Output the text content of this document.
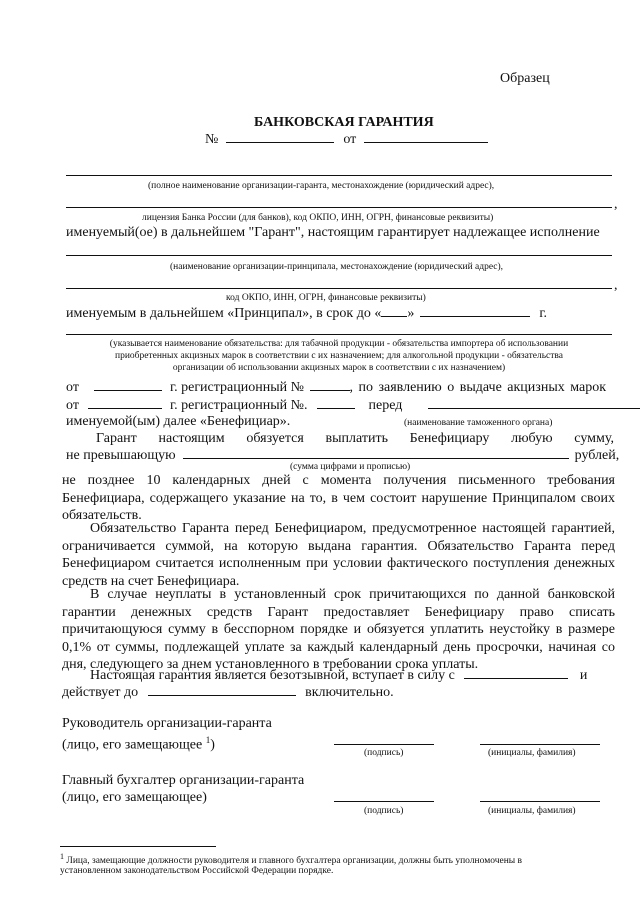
Образец
БАНКОВСКАЯ ГАРАНТИЯ
№	от
(полное наименование организации-гаранта, местонахождение (юридический адрес),
,
лицензия Банка России (для банков), код ОКПО, ИНН, ОГРН, финансовые реквизиты)
именуемый(ое) в дальнейшем "Гарант", настоящим гарантирует надлежащее исполнение
(наименование организации-принципала, местонахождение (юридический адрес),
,
код ОКПО, ИНН, ОГРН, финансовые реквизиты)
именуемым в дальнейшем «Принципал», в срок до « »	г.
(указывается наименование обязательства: для табачной продукции - обязательства импортера об использовании
приобретенных акцизных марок в соответствии с их назначением; для алкогольной продукции - обязательства
организации об использовании акцизных марок в соответствии с их назначением)
от	г. регистрационный №	, по заявлению о выдаче акцизных марок
от	г. регистрационный №.	перед
именуемой(ым) далее «Бенефициар».	(наименование таможенного органа)
Гарант настоящим обязуется выплатить Бенефициару любую сумму,
не превышающую	рублей,
(сумма цифрами и прописью)
не позднее 10 календарных дней с момента получения письменного требования Бенефициара, содержащего указание на то, в чем состоит нарушение Принципалом своих обязательств.
Обязательство Гаранта перед Бенефициаром, предусмотренное настоящей гарантией, ограничивается суммой, на которую выдана гарантия. Обязательство Гаранта перед Бенефициаром считается исполненным при условии фактического поступления денежных средств на счет Бенефициара.
В случае неуплаты в установленный срок причитающихся по данной банковской гарантии денежных средств Гарант предоставляет Бенефициару право списать причитающуюся сумму в бесспорном порядке и обязуется уплатить неустойку в размере 0,1% от суммы, подлежащей уплате за каждый календарный день просрочки, начиная со дня, следующего за днем установленного в требовании срока уплаты.
Настоящая гарантия является безотзывной, вступает в силу с	и
действует до	включительно.
Руководитель организации-гаранта
(лицо, его замещающее $^1$)
(подпись)	(инициалы, фамилия)
Главный бухгалтер организации-гаранта
(лицо, его замещающее)
(подпись)	(инициалы, фамилия)
$^1$ Лица, замещающие должности руководителя и главного бухгалтера организации, должны быть уполномочены в
установленном законодательством Российской Федерации порядке.
